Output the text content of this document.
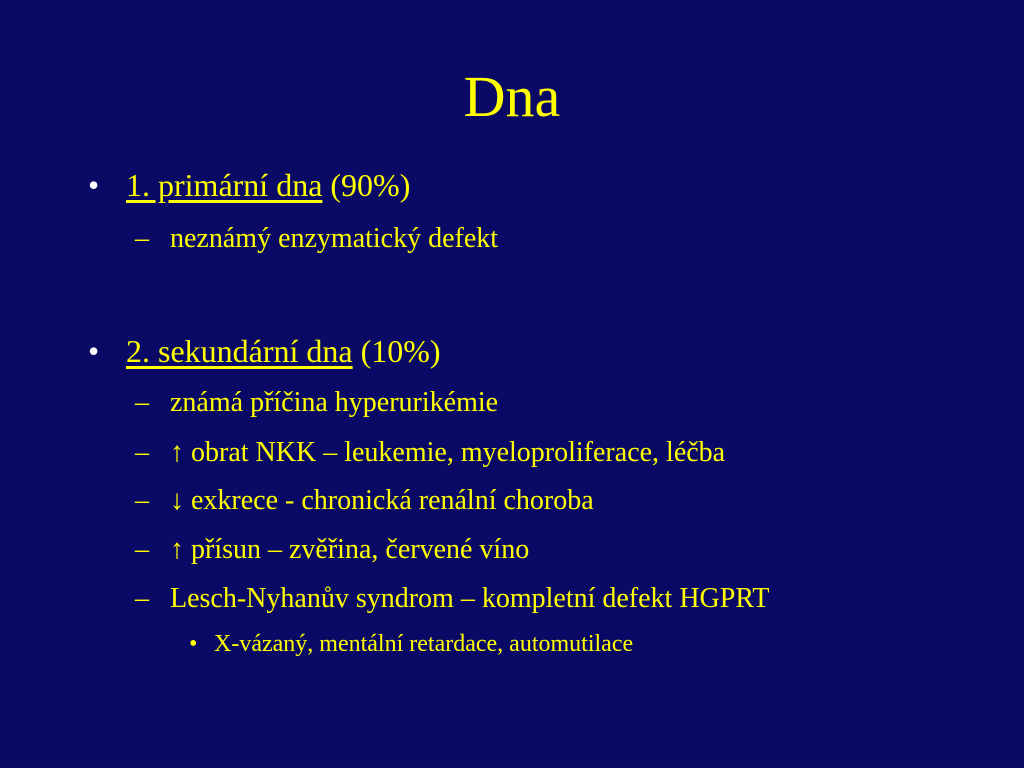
Dna
• 1. primární dna (90%)
– neznámý enzymatický defekt
• 2. sekundární dna (10%)
– známá příčina hyperurikémie
– ↑ obrat NKK – leukemie, myeloproliferace, léčba
– ↓ exkrece - chronická renální choroba
– ↑ přísun – zvěřina, červené víno
– Lesch-Nyhanův syndrom – kompletní defekt HGPRT
• X-vázaný, mentální retardace, automutilace
